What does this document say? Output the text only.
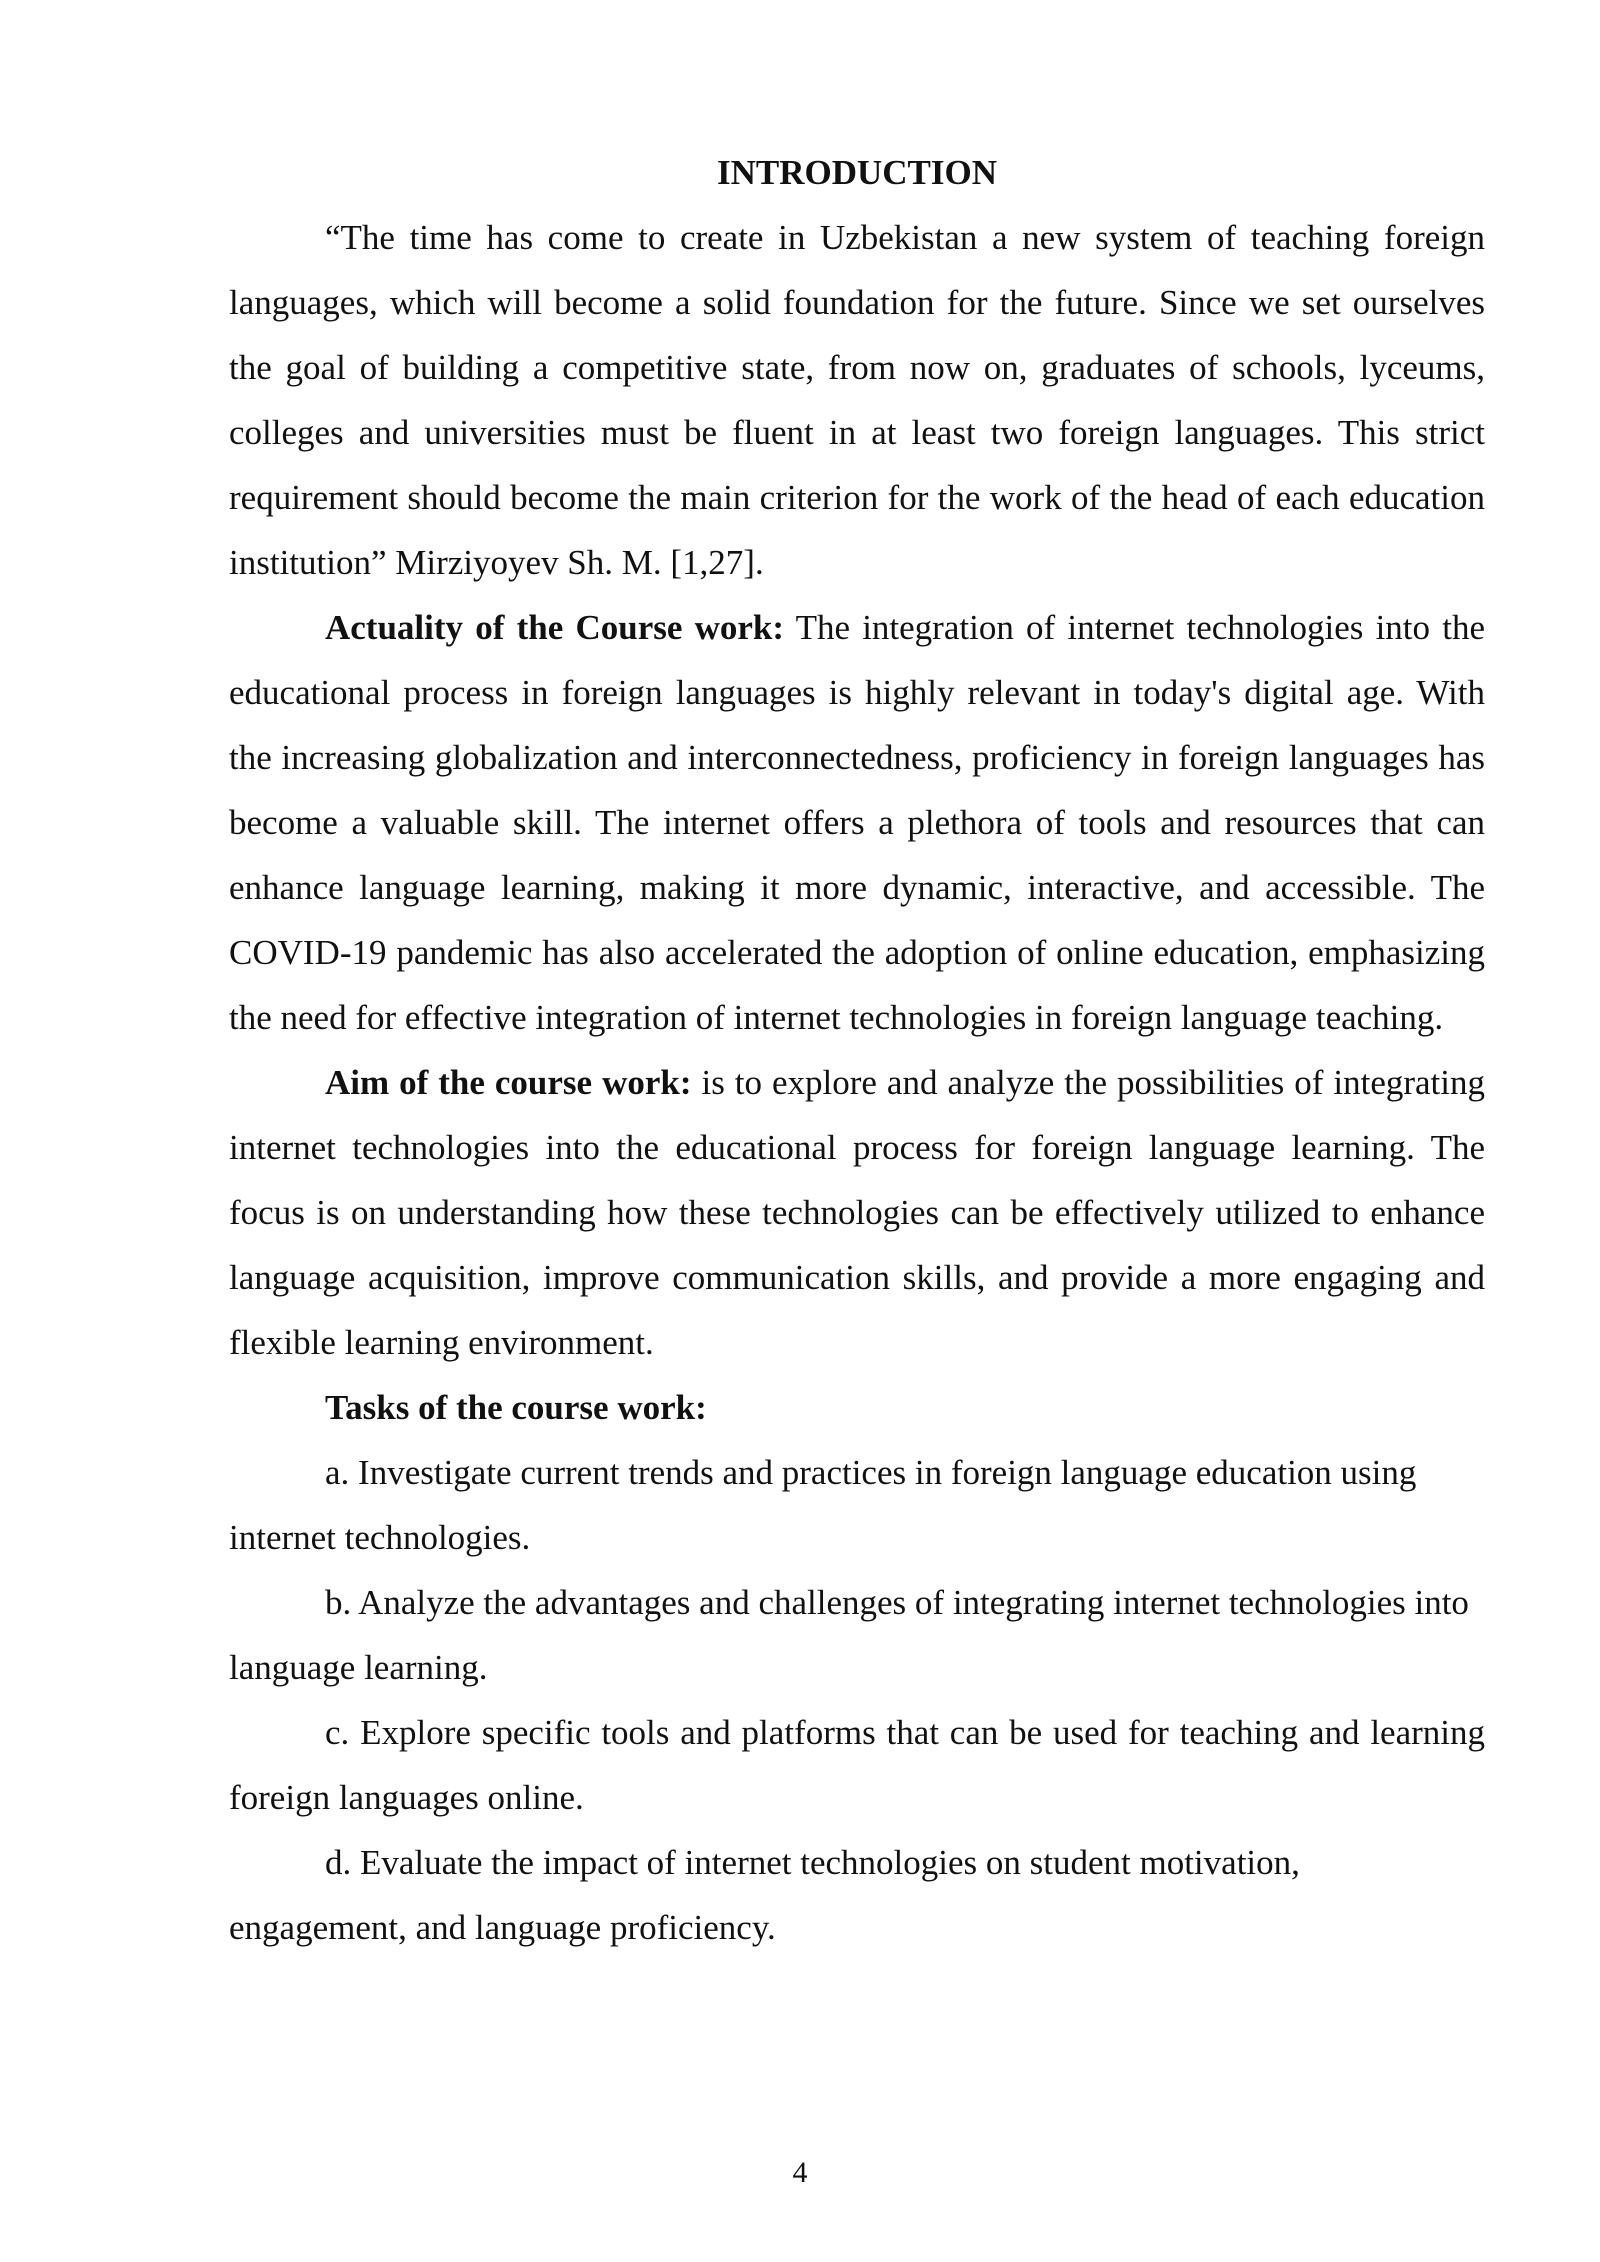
INTRODUCTION

“The time has come to create in Uzbekistan a new system of teaching foreign languages, which will become a solid foundation for the future. Since we set ourselves the goal of building a competitive state, from now on, graduates of schools, lyceums, colleges and universities must be fluent in at least two foreign languages. This strict requirement should become the main criterion for the work of the head of each education institution” Mirziyoyev Sh. M. [1,27].

Actuality of the Course work: The integration of internet technologies into the educational process in foreign languages is highly relevant in today's digital age. With the increasing globalization and interconnectedness, proficiency in foreign languages has become a valuable skill. The internet offers a plethora of tools and resources that can enhance language learning, making it more dynamic, interactive, and accessible. The COVID-19 pandemic has also accelerated the adoption of online education, emphasizing the need for effective integration of internet technologies in foreign language teaching.

Aim of the course work: is to explore and analyze the possibilities of integrating internet technologies into the educational process for foreign language learning. The focus is on understanding how these technologies can be effectively utilized to enhance language acquisition, improve communication skills, and provide a more engaging and flexible learning environment.

Tasks of the course work:

a. Investigate current trends and practices in foreign language education using internet technologies.

b. Analyze the advantages and challenges of integrating internet technologies into language learning.

c. Explore specific tools and platforms that can be used for teaching and learning foreign languages online.

d. Evaluate the impact of internet technologies on student motivation, engagement, and language proficiency.

4
